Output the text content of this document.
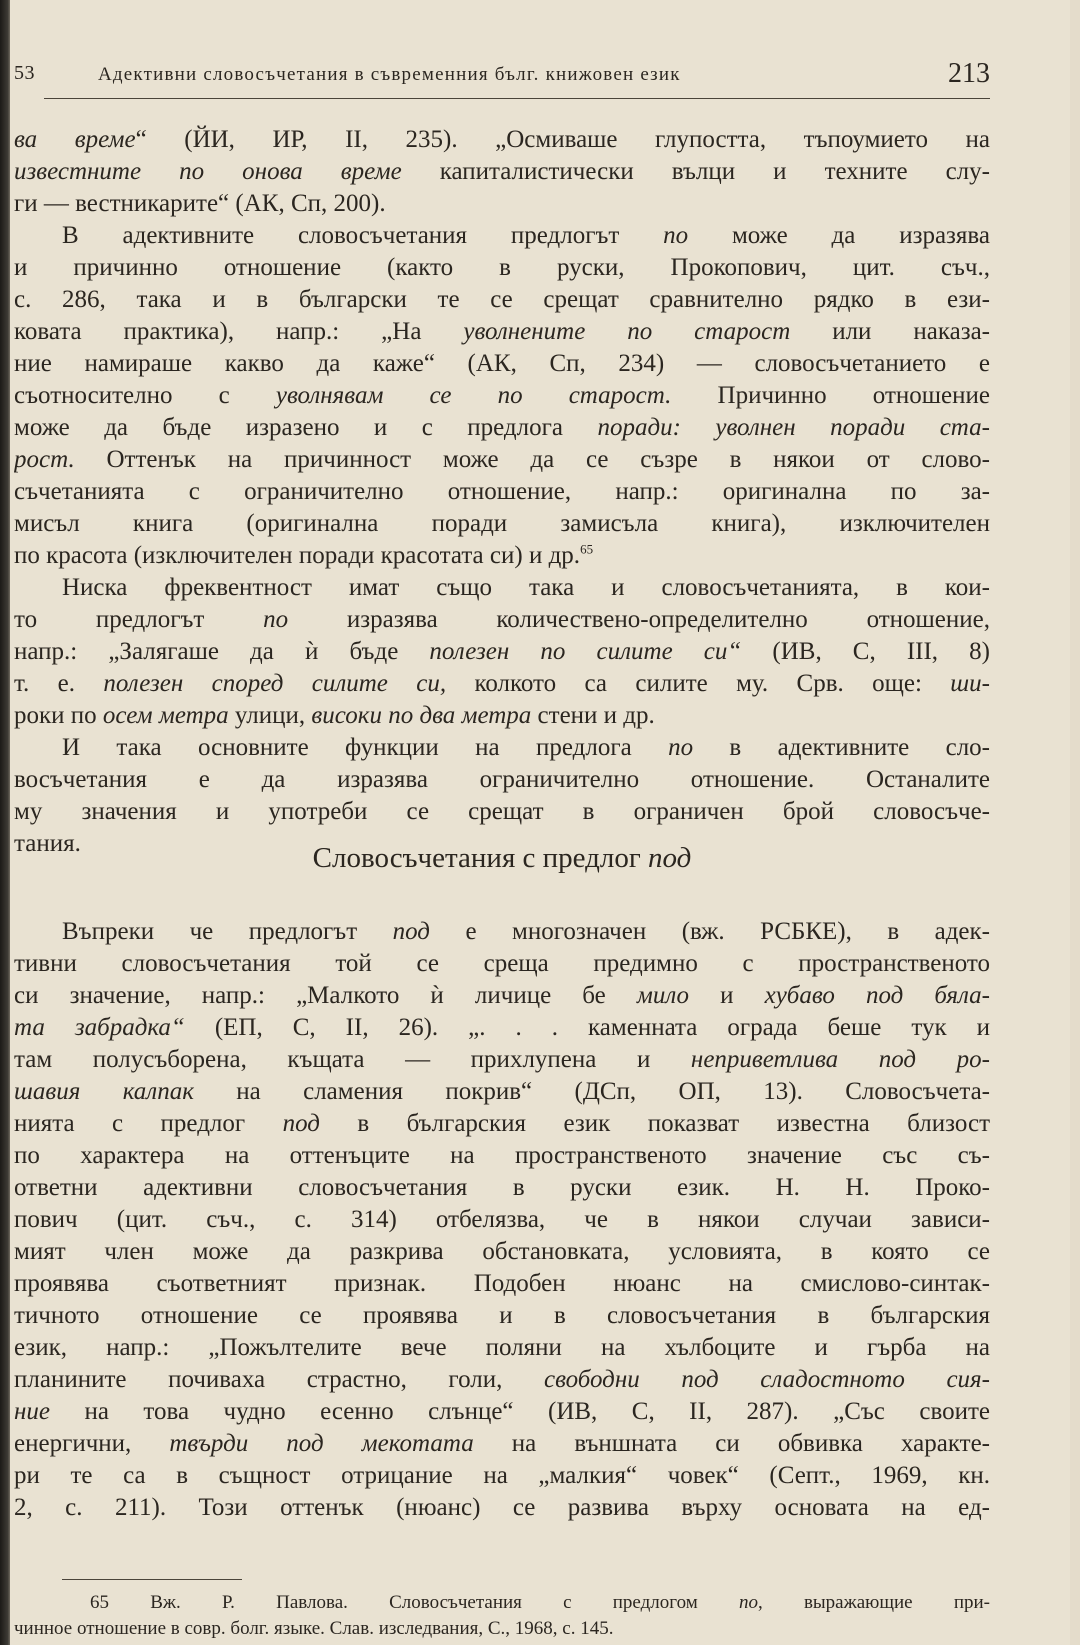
53	Адективни словосъчетания в съвременния бълг. книжовен език	213
ва време“ (ЙИ, ИР, II, 235). „Осмиваше глупостта, тъпоумието на
известните по онова време капиталистически вълци и техните слу-
ги — вестникарите“ (АК, Сп, 200).
В адективните словосъчетания предлогът по може да изразява
и причинно отношение (както в руски, Прокопович, цит. съч.,
с. 286, така и в български те се срещат сравнително рядко в ези-
ковата практика), напр.: „На уволнените по старост или наказа-
ние намираше какво да каже“ (АК, Сп, 234) — словосъчетанието е
съотносително с уволнявам се по старост. Причинно отношение
може да бъде изразено и с предлога поради: уволнен поради ста-
рост. Оттенък на причинност може да се съзре в някои от слово-
съчетанията с ограничително отношение, напр.: оригинална по за-
мисъл книга (оригинална поради замисъла книга), изключителен
по красота (изключителен поради красотата си) и др.$^{65}$
Ниска фреквентност имат също така и словосъчетанията, в кои-
то предлогът по изразява количествено-определително отношение,
напр.: „Залягаше да ѝ бъде полезен по силите си“ (ИВ, С, III, 8)
т. е. полезен според силите си, колкото са силите му. Срв. още: ши-
роки по осем метра улици, високи по два метра стени и др.
И така основните функции на предлога по в адективните сло-
восъчетания е да изразява ограничително отношение. Останалите
му значения и употреби се срещат в ограничен брой словосъче-
тания.	Словосъчетания с предлог под
Въпреки че предлогът под е многозначен (вж. РСБКЕ), в адек-
тивни словосъчетания той се среща предимно с пространственото
си значение, напр.: „Малкото ѝ личице бе мило и хубаво под бяла-
та забрадка“ (ЕП, С, II, 26). „. . . каменната ограда беше тук и
там полусъборена, къщата — прихлупена и неприветлива под ро-
шавия калпак на сламения покрив“ (ДСп, ОП, 13). Словосъчета-
нията с предлог под в българския език показват известна близост
по характера на оттенъците на пространственото значение със съ-
ответни адективни словосъчетания в руски език. Н. Н. Проко-
пович (цит. съч., с. 314) отбелязва, че в някои случаи зависи-
мият член може да разкрива обстановката, условията, в която се
проявява съответният признак. Подобен нюанс на смислово-синтак-
тичното отношение се проявява и в словосъчетания в българския
език, напр.: „Пожълтелите вече поляни на хълбоците и гърба на
планините почиваха страстно, голи, свободни под сладостното сия-
ние на това чудно есенно слънце“ (ИВ, С, II, 287). „Със своите
енергични, твърди под мекотата на външната си обвивка характе-
ри те са в същност отрицание на „малкия“ човек“ (Септ., 1969, кн.
2, с. 211). Този оттенък (нюанс) се развива върху основата на ед-
65 Вж. Р. Павлова. Словосъчетания с предлогом по, выражающие при-
чинное отношение в совр. болг. языке. Слав. изследвания, С., 1968, с. 145.
